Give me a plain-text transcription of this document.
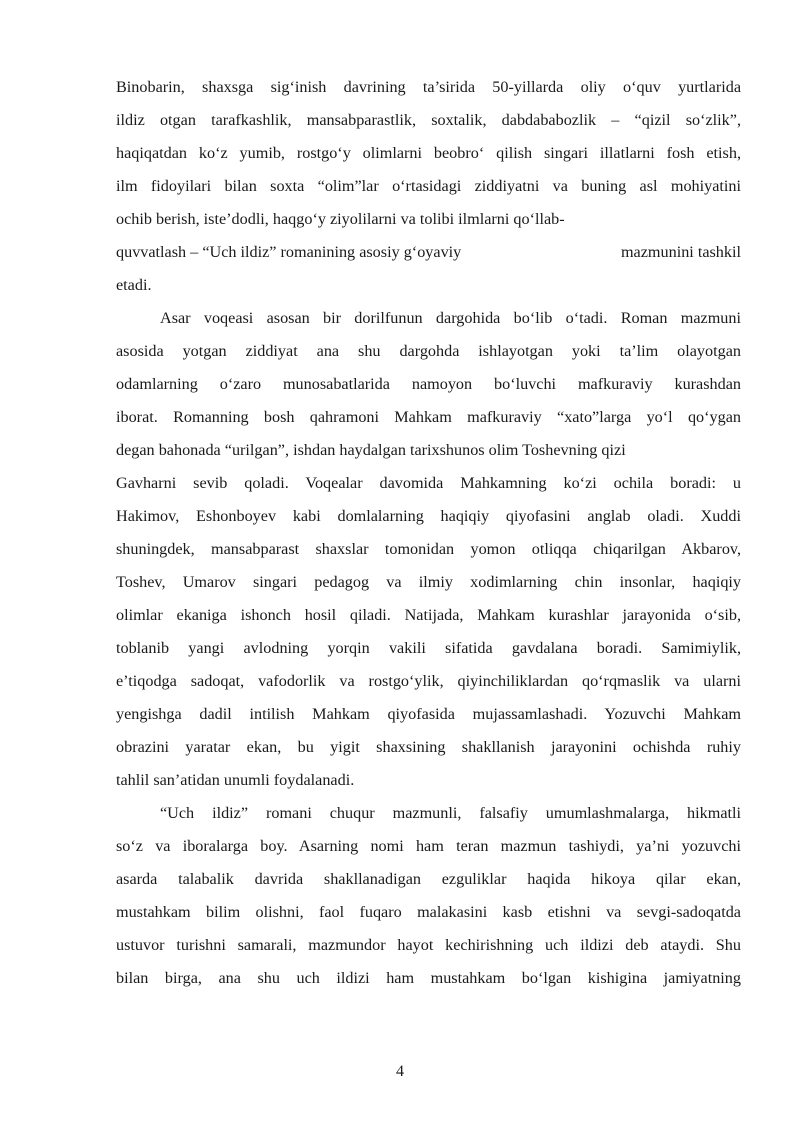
Binobarin, shaxsga sig‘inish davrining ta’sirida 50-yillarda oliy o‘quv yurtlarida
ildiz otgan tarafkashlik, mansabparastlik, soxtalik, dabdababozlik – “qizil so‘zlik”,
haqiqatdan ko‘z yumib, rostgo‘y olimlarni beobro‘ qilish singari illatlarni fosh etish,
ilm fidoyilari bilan soxta “olim”lar o‘rtasidagi ziddiyatni va buning asl mohiyatini
ochib berish, iste’dodli, haqgo‘y ziyolilarni va tolibi ilmlarni qo‘llab-
quvvatlash – “Uch ildiz” romanining asosiy g‘oyaviy	mazmunini tashkil
etadi.
Asar voqeasi asosan bir dorilfunun dargohida bo‘lib o‘tadi. Roman mazmuni
asosida yotgan ziddiyat ana shu dargohda ishlayotgan yoki ta’lim olayotgan
odamlarning o‘zaro munosabatlarida namoyon bo‘luvchi mafkuraviy kurashdan
iborat. Romanning bosh qahramoni Mahkam mafkuraviy “xato”larga yo‘l qo‘ygan
degan bahonada “urilgan”, ishdan haydalgan tarixshunos olim Toshevning qizi
Gavharni sevib qoladi. Voqealar davomida Mahkamning ko‘zi ochila boradi: u
Hakimov, Eshonboyev kabi domlalarning haqiqiy qiyofasini anglab oladi. Xuddi
shuningdek, mansabparast shaxslar tomonidan yomon otliqqa chiqarilgan Akbarov,
Toshev, Umarov singari pedagog va ilmiy xodimlarning chin insonlar, haqiqiy
olimlar ekaniga ishonch hosil qiladi. Natijada, Mahkam kurashlar jarayonida o‘sib,
toblanib yangi avlodning yorqin vakili sifatida gavdalana boradi. Samimiylik,
e’tiqodga sadoqat, vafodorlik va rostgo‘ylik, qiyinchiliklardan qo‘rqmaslik va ularni
yengishga dadil intilish Mahkam qiyofasida mujassamlashadi. Yozuvchi Mahkam
obrazini yaratar ekan, bu yigit shaxsining shakllanish jarayonini ochishda ruhiy
tahlil san’atidan unumli foydalanadi.
“Uch ildiz” romani chuqur mazmunli, falsafiy umumlashmalarga, hikmatli
so‘z va iboralarga boy. Asarning nomi ham teran mazmun tashiydi, ya’ni yozuvchi
asarda talabalik davrida shakllanadigan ezguliklar haqida hikoya qilar ekan,
mustahkam bilim olishni, faol fuqaro malakasini kasb etishni va sevgi-sadoqatda
ustuvor turishni samarali, mazmundor hayot kechirishning uch ildizi deb ataydi. Shu
bilan birga, ana shu uch ildizi ham mustahkam bo‘lgan kishigina jamiyatning
4
